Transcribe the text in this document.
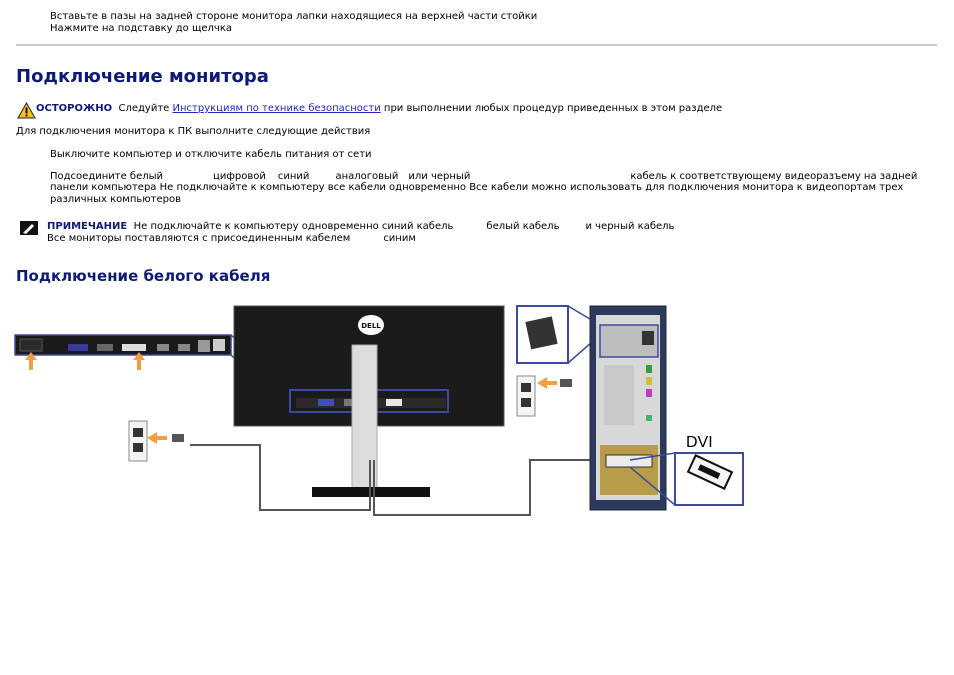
Вставьте в пазы на задней стороне монитора лапки находящиеся на верхней части стойки
Нажмите на подставку до щелчка
Подключение монитора
ОСТОРОЖНО Следуйте Инструкциям по технике безопасности при выполнении любых процедур приведенных в этом разделе
Для подключения монитора к ПК выполните следующие действия
Выключите компьютер и отключите кабель питания от сети
Подсоедините белый	цифровой синий	аналоговый или черный	кабель к соответствующему видеоразъему на задней
панели компьютера Не подключайте к компьютеру все кабели одновременно Все кабели можно использовать для подключения монитора к видеопортам трех
различных компьютеров
ПРИМЕЧАНИЕ Не подключайте к компьютеру одновременно синий кабель	белый кабель	и черный кабель
Все мониторы поставляются с присоединенным кабелем	синим
Подключение белого кабеля
DELL
DVI
